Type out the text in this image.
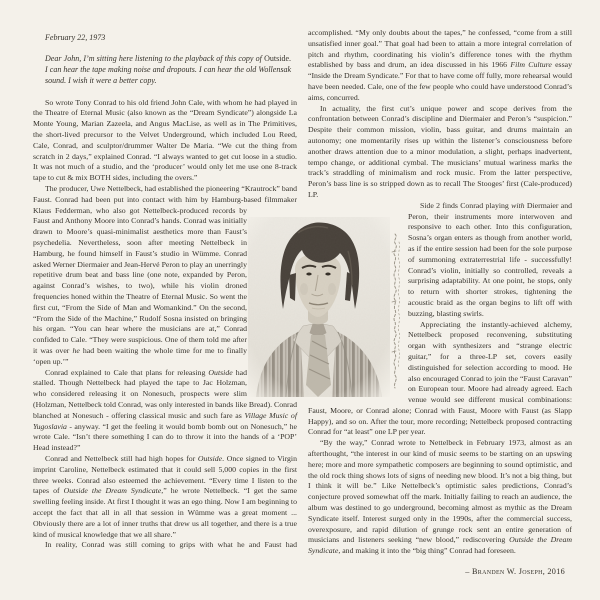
February 22, 1973
Dear John, I’m sitting here listening to the playback of this copy of Outside. I can hear the tape making noise and dropouts. I can hear the old Wollensak sound. I wish it were a better copy.

So wrote Tony Conrad to his old friend John Cale, with whom he had played in the Theatre of Eternal Music (also known as the “Dream Syndicate”) alongside La Monte Young, Marian Zazeela, and Angus MacLise, as well as in The Primitives, the short-lived precursor to the Velvet Underground, which included Lou Reed, Cale, Conrad, and sculptor/drummer Walter De Maria. “We cut the thing from scratch in 2 days,” explained Conrad. “I always wanted to get cut loose in a studio. It was not much of a studio, and the ‘producer’ would only let me use one 8-track tape to cut & mix BOTH sides, including the overs.”

The producer, Uwe Nettelbeck, had established the pioneering “Krautrock” band Faust. Conrad had been put into contact with him by Hamburg-based
filmmaker Klaus Fedderman, who also got Nettelbeck-produced records by Faust and Anthony Moore into Conrad’s hands. Conrad was initially drawn to Moore’s quasi-minimalist aesthetics more than Faust’s psychedelia. Nevertheless, soon after meeting Nettelbeck in Hamburg, he found himself in Faust’s studio in Wümme. Conrad asked Werner Diermaier and Jean-Hervé Peron to play an unerringly repetitive drum beat and bass line (one note, expanded by Peron, against Conrad’s wishes, to two), while his violin droned frequencies honed within the Theatre of Eternal Music. So went the first cut, “From the Side of Man and Womankind.” On the second, “From the Side of the Machine,” Rudolf Sosna insisted on bringing his organ. “You can hear where the musicians are at,” Conrad confided to Cale. “They were suspicious. One of them told me after it was over he had been waiting the whole time for me to finally ‘open up.’”

Conrad explained to Cale that plans for releasing Outside had stalled. Though Nettelbeck had played the tape to Jac Holzman, who considered releasing it on Nonesuch, prospects were slim (Holzman, Nettelbeck told Conrad, was only interested in bands like Bread). Conrad blanched at Nonesuch - offering classical music and such fare as Village Music of Yugoslavia - anyway. “I get the feeling it would bomb bomb out on Nonesuch,” he wrote Cale. “Isn’t there something I can do to throw it into the hands of a ‘POP’ Head instead?”

Conrad and Nettelbeck still had high hopes for Outside. Once signed to Virgin imprint Caroline, Nettelbeck estimated that it could sell 5,000 copies in the first three weeks. Conrad also esteemed the achievement. “Every time I listen to the tapes of Outside the Dream Syndicate,” he wrote Nettelbeck. “I get the same swelling feeling inside. At first I thought it was an ego thing. Now I am beginning to accept the fact that all in all that session in Wümme was a great moment ... Obviously there are a lot of inner truths that drew us all together, and there is a true kind of musical knowledge that we all share.”

In reality, Conrad was still coming to grips with what he and Faust had

accomplished. “My only doubts about the tapes,” he confessed, “come from a still unsatisfied inner goal.” That goal had been to attain a more integral correlation of pitch and rhythm, coordinating his violin’s difference tones with the rhythm established by bass and drum, an idea discussed in his 1966 Film Culture essay “Inside the Dream Syndicate.” For that to have come off fully, more rehearsal would have been needed. Cale, one of the few people who could have understood Conrad’s aims, concurred.

In actuality, the first cut’s unique power and scope derives from the confrontation between Conrad’s discipline and Diermaier and Peron’s “suspicion.” Despite their common mission, violin, bass guitar, and drums maintain an autonomy; one momentarily rises up within the listener’s consciousness before another draws attention due to a minor modulation, a slight, perhaps inadvertent, tempo change, or additional cymbal. The musicians’ mutual wariness marks the track’s straddling of minimalism and rock music. From the latter perspective, Peron’s bass line is so stripped down as to recall The Stooges’ first (Cale-produced) LP.

Side 2 finds Conrad playing with Diermaier and Peron, their instruments more interwoven and responsive to each other. Into this configuration, Sosna’s organ enters as though from another world, as if the entire session had been for the sole purpose of summoning extraterrestrial life - successfully! Conrad’s violin, initially so controlled, reveals a surprising adaptability. At one point, he stops, only to return with shorter strokes, tightening the acoustic braid as the organ begins to lift off with buzzing, blasting swirls.

Appreciating the instantly-achieved alchemy, Nettelbeck proposed reconvening, substituting organ with synthesizers and “strange electric guitar,” for a three-LP set, covers easily distinguished for selection according to mood. He also encouraged Conrad to join the “Faust Caravan” on European tour. Moore had already agreed. Each venue would see different musical combinations: Faust, Moore, or Conrad alone; Conrad with Faust, Moore with Faust (as Slapp Happy), and so on. After the tour, more recording; Nettelbeck proposed contracting Conrad for “at least” one LP per year.

“By the way,” Conrad wrote to Nettelbeck in February 1973, almost as an afterthought, “the interest in our kind of music seems to be starting on an upswing here; more and more sympathetic composers are beginning to sound optimistic, and the old rock thing shows lots of signs of needing new blood. It’s not a big thing, but I think it will be.” Like Nettelbeck’s optimistic sales predictions, Conrad’s conjecture proved somewhat off the mark. Initially failing to reach an audience, the album was destined to go underground, becoming almost as mythic as the Dream Syndicate itself. Interest surged only in the 1990s, after the commercial success, overexposure, and rapid dilution of grunge rock sent an entire generation of musicians and listeners seeking “new blood,” rediscovering Outside the Dream Syndicate, and making it into the “big thing” Conrad had foreseen.

– Branden W. Joseph, 2016
